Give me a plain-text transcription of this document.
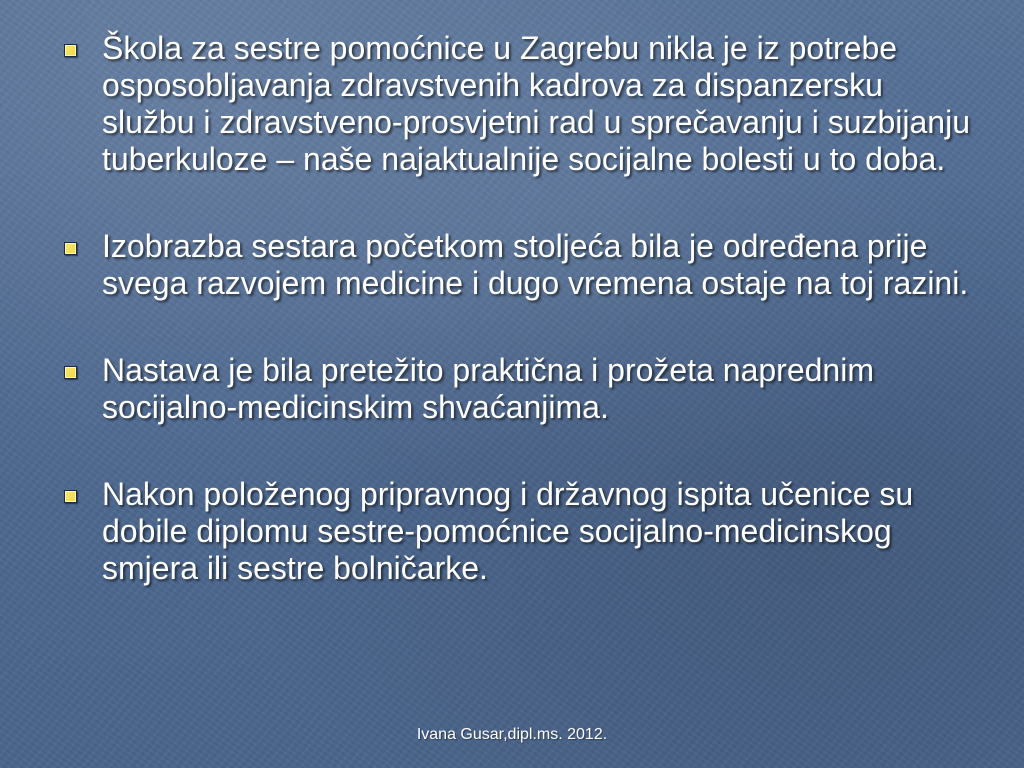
Škola za sestre pomoćnice u Zagrebu nikla je iz potrebe osposobljavanja zdravstvenih kadrova za dispanzersku službu i zdravstveno-prosvjetni rad u sprečavanju i suzbijanju tuberkuloze – naše najaktualnije socijalne bolesti u to doba.
Izobrazba sestara početkom stoljeća bila je određena prije svega razvojem medicine i dugo vremena ostaje na toj razini.
Nastava je bila pretežito praktična i prožeta naprednim socijalno-medicinskim shvaćanjima.
Nakon položenog pripravnog i državnog ispita učenice su dobile diplomu sestre-pomoćnice socijalno-medicinskog smjera ili sestre bolničarke.
Ivana Gusar,dipl.ms. 2012.
